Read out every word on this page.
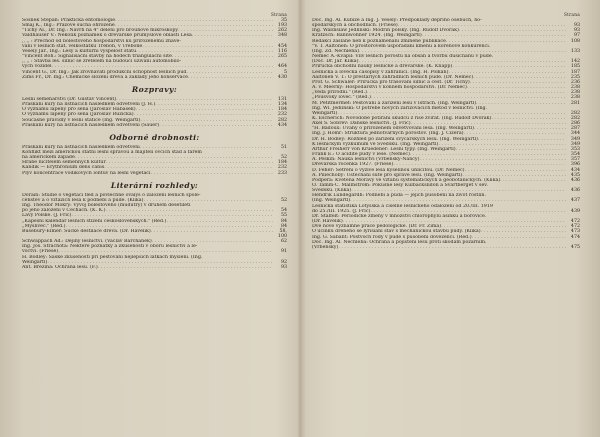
Strana
Sosnek Štěpán: Praktická entomologie . . .	35
Šmaj K., Ing.: Prázové sucha ohrožené . . .	193
"Tichý Al., Dr. Ing.: Návrh na 4" dělení pro brouhové mikroskopy . . .	262
Valdhauser V.: Několik poznámek o dřevařské průmyslové oblasti Lesa . . .	348
,, ,, : Přechod od bolesťového hospodářství ku přirozenému znávě-
vání v lesních stát. velkostatku Třeboň, v Třeboně . . .	454
Veselý Jar., Ing.: Lesy a kulturní vyspělost státu . . .	116
"Vincent Boh.: Signalisační stavby na hodech triangulační sítě . . .	265
,, ,, : Stavba les. silnic se zřetelem na budoucí užívání automobilo-
vých vozidel . . .	464
Vincent G., Dr. Ing.: Jak zrovnávati produkční schopnost lesních půd . . .	5
Zims Fr., Dr. Ing.: Chemické složení dřeva a základy jeho konservace . . .	430
Rozpravy:
Lesní semenářství (Dr. Gustav Vincent) . . .	131
Praskání kůry na listnáčích následkem odvětvení (J. H.) . . .	134
O významu lapeny pro sena (Jaroslav Habásek) . . .	184
O významu lapeny pro sena (Jaroslav Růžička) . . .	232
Současné pravidly v lesní statice (Ing. Weingartl) . . .	282
Praskání kůry na listnáčích následkem odvětvení (Šauer) . . .	434
Odborné drobnosti:
Praskání kůry na listnáčích následkem odvětvení . . .	51
Konflikt mezi americkou státní lesní správou a majiteli ovčích stád a farem
na americkém západě . . .	52
Hrabě ničitelem semenných kultur . . .	184
Kandík — Erythronium dens canis . . .	232
Plyv koncentrace vodíkových iontuv na lesní vegetaci . . .	233
Literární rozhledy:
Dorain: Studie o vegetaci fled a povlechně ovalys o založení lesních spole-
čenstev a o vztazích lesa k podnebí a půdě. (Klika) . . .	52
Ing. Theodor Mokrý: Vývoj bolesťového (mudutry) v druhém desetiletí
po jeho založení v Čechách. (K. K.) . . .	54
Lavy Polské. (J. Frič) . . .	55
„Kapesní kalendář lesních stížení československých." (Red.) . . .	84
„Myslivec." (Red.) . . .	84
Busebury-Elmer: Sucké destilace dřeva. (Dr. Havelík) . . .	58, 100
Schwappach Ad.: Dějiny lesnictví. (Václav Barchánek) . . .	62
Ing. Jos. Strachota: Některé poznatky a zkušenosti v oboru lesnictví a le-
voctví. (Friese) . . .	91
H. Bodley: Saské zkušenosti při pěstování nejlepších látkách myšlení. (Ing.
Weingartl) . . .	92
Ant. Brezina: Ochrana lesů. (F.) . . .	93
Strana
Doc. Ing. Al. Kubiže a Ing. J. Veselý: Předpoklády depřiho osebuch, ho-
spodářských a obchodních. (Friese) . . .	93
Ing. Waldislaw Jedlinski: Modřín polský. (Ing. Rudolf Dvořák) . . .	93
Kratzsch: Bannwöhner 1924. (Ing. Weingartl) . . .	97
Redakcí zaslané neb k poznamenání zmíněné publikace . . .	108
"V. T. Aaltonen: O prostorovém uspořádání kmenů a kořenové konkurenci.
(Ing. Zd. Nechleba) . . .	133
Němec A.-Kvapil: Vliv lesních porostů na obsah a tvorbu dusičnanů v půdě.
(Doc. Dr. Jar. Klika) . . .	142
Příručka obchodní nauky lesnické a dřevařské. (K. Knapp) . . .	185
Lesnická a lovecká časopisy v zahraničí. (Ing. H. Polkán) . . .	187
Aaltonen V. T.: O přestárlých zahradních lesních půdě. (Dr. Němec) . . .	235
Prof. G. Schwaler: Příručka pro trasování silnic a cest. (Dr. Tichý) . . .	236
A. v. Meerny: Hospodářství v konném hospodářství. (Dr. Němec) . . .	238
„Věda přírodní." (Red.) . . .	238
„Pousvoký lovec." (Red.) . . .	238
M. Petitmermet: Pěstování a zařízení lesů v Istrach. (Ing. Weingartl) . . .	281
Ing. Wl. Jedlinski: O potřebě nových zařízovacích metod v lesnictví. (Ing.
Weingartl) . . .	282
K. Escherich: Novodobé potírání škůdců z říše zvířat. (Ing. Rudolf Dvořák) . . .	282
Axel S. Sobrev: Dánské lesnictví. (J. Frič) . . .	286
"H. Badoux: Úvahy o přírozeném odvětvování lesa. (Ing. Weingartl) . . .	287
Ing. J. Homr: Struktura jednotvárných porostov. (Ing. J. Čížera) . . .	344
Dr. H. Bodley: Rozhled po zařízení švýcarských lesů. (Ing. Weingartl) . . .	349
K lesnickým výzkumům ve Švédsku. (Ing. Weingartl) . . .	349
Arthur Freiherr von Kruedener: Lesní typy. (Ing. Weingartl) . . .	353
Frank E.: O acidité půdy v lese. (Němec) . . .	354
A. Peskin: Nauka lesnictví (Vrbenský-Nancy) . . .	357
Dřevařská ročenka 1927. (Friese) . . .	396
D. Feher: Šetření o výživě lesa kyselinou uhličitou. (Dr. Němec) . . .	434
A. Piliechoby: Uštěchaní suté pro správe lesů. (Ing. Weingartl) . . .	435
Podpěra: Květena Moravy ve vztahu systematických a geobotanických. (Klika) . . .	436
O. Tamm-C. Malmström: Pokusné lesy Kulbäckslidon a Svartberget v sev.
Švédsku. (Klika) . . .	436
Hendrik Lundegårdh: Podnebí a půda — jejich působení na život rostlin.
(Ing. Weingartl) . . .	437
Lesnická statistika Lotyšska a číselné lesnického odáložení od 20./III. 1919
do 25./III. 1925. (J. Frič) . . .	439
Dr. Stälfelt: Periodické změny v množství chlorophylu asinku a borovice.
(Dr. Havelík) . . .	472
Dvě nové významné práce pedologické. (Dr. Fr. Zima) . . .	472
O účinku dřeného se lyrisiání stav s mechanickou stavbu půdy. (Klika) . . .	473
Ing. G. Sabant: Postvoch rody v půdě s působení dovezenci. (Red.) . . .	474
Doc. Ing. Al. Nechleba: Ochrana a pojištění lesů proti škodám požárním.
(Vrbenský) . . .	475
